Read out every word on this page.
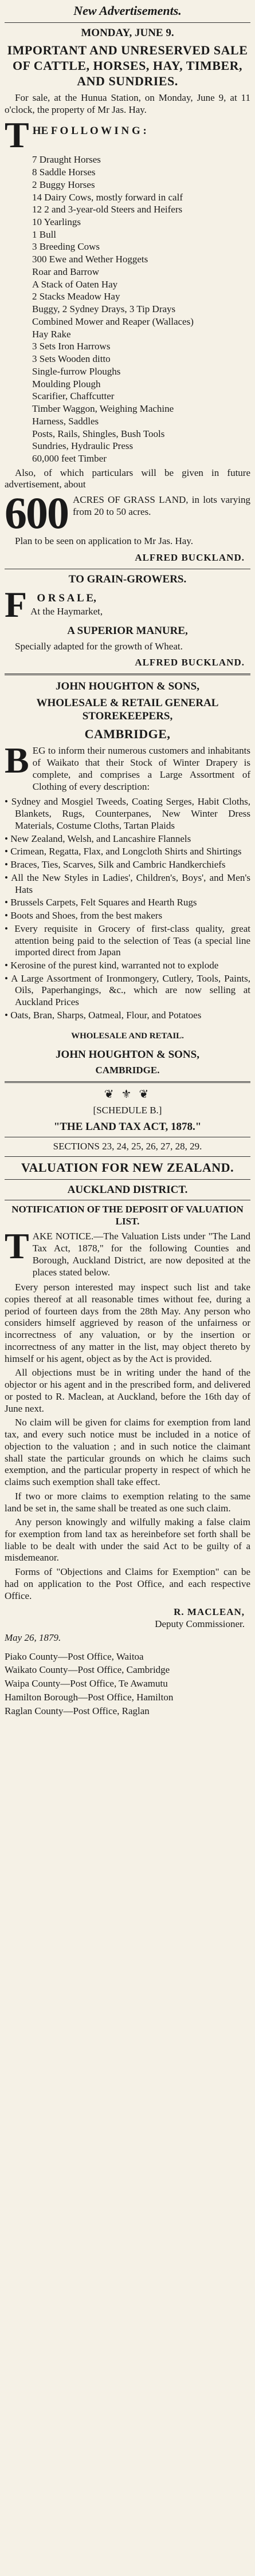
New Advertisements.
MONDAY, JUNE 9.
IMPORTANT AND UNRESERVED SALE OF CATTLE, HORSES, HAY, TIMBER, AND SUNDRIES.
For sale, at the Hunua Station, on Monday, June 9, at 11 o'clock, the property of Mr Jas. Hay.
T HE F O L L O W I N G :
7 Draught Horses
8 Saddle Horses
2 Buggy Horses
14 Dairy Cows, mostly forward in calf
12 2 and 3-year-old Steers and Heifers
10 Yearlings
1 Bull
3 Breeding Cows
300 Ewe and Wether Hoggets
Roar and Barrow
A Stack of Oaten Hay
2 Stacks Meadow Hay
Buggy, 2 Sydney Drays, 3 Tip Drays
Combined Mower and Reaper (Wallaces)
Hay Rake
3 Sets Iron Harrows
3 Sets Wooden ditto
Single-furrow Ploughs
Moulding Plough
Scarifier, Chaffcutter
Timber Waggon, Weighing Machine
Harness, Saddles
Posts, Rails, Shingles, Bush Tools
Sundries, Hydraulic Press
60,000 feet Timber
Also, of which particulars will be given in future advertisement, about
600 ACRES OF GRASS LAND, in lots varying from 20 to 50 acres.
Plan to be seen on application to Mr Jas. Hay.
ALFRED BUCKLAND.
TO GRAIN-GROWERS.
F O R S A L E,
At the Haymarket,
A SUPERIOR MANURE,
Specially adapted for the growth of Wheat.
ALFRED BUCKLAND.
JOHN HOUGHTON & SONS,
WHOLESALE & RETAIL GENERAL STOREKEEPERS,
CAMBRIDGE,
B EG to inform their numerous customers and inhabitants of Waikato that their Stock of Winter Drapery is complete, and comprises a Large Assortment of Clothing of every description:
• Sydney and Mosgiel Tweeds, Coating Serges, Habit Cloths, Blankets, Rugs, Counterpanes, New Winter Dress Materials, Costume Cloths, Tartan Plaids
• New Zealand, Welsh, and Lancashire Flannels
• Crimean, Regatta, Flax, and Longcloth Shirts and Shirtings
• Braces, Ties, Scarves, Silk and Cambric Handkerchiefs
• All the New Styles in Ladies', Children's, Boys', and Men's Hats
• Brussels Carpets, Felt Squares and Hearth Rugs
• Boots and Shoes, from the best makers
• Every requisite in Grocery of first-class quality, great attention being paid to the selection of Teas (a special line imported direct from Japan
• Kerosine of the purest kind, warranted not to explode
• A Large Assortment of Ironmongery, Cutlery, Tools, Paints, Oils, Paperhangings, &c., which are now selling at Auckland Prices
• Oats, Bran, Sharps, Oatmeal, Flour, and Potatoes
WHOLESALE AND RETAIL.
JOHN HOUGHTON & SONS,
CAMBRIDGE.
❦ ⚜ ❦
[SCHEDULE B.]
"THE LAND TAX ACT, 1878."
SECTIONS 23, 24, 25, 26, 27, 28, 29.
VALUATION FOR NEW ZEALAND.
AUCKLAND DISTRICT.
NOTIFICATION OF THE DEPOSIT OF VALUATION LIST.
T AKE NOTICE.—The Valuation Lists under "The Land Tax Act, 1878," for the following Counties and Borough, Auckland District, are now deposited at the places stated below.
Every person interested may inspect such list and take copies thereof at all reasonable times without fee, during a period of fourteen days from the 28th May. Any person who considers himself aggrieved by reason of the unfairness or incorrectness of any valuation, or by the insertion or incorrectness of any matter in the list, may object thereto by himself or his agent, object as by the Act is provided.
All objections must be in writing under the hand of the objector or his agent and in the prescribed form, and delivered or posted to R. Maclean, at Auckland, before the 16th day of June next.
No claim will be given for claims for exemption from land tax, and every such notice must be included in a notice of objection to the valuation ; and in such notice the claimant shall state the particular grounds on which he claims such exemption, and the particular property in respect of which he claims such exemption shall take effect.
If two or more claims to exemption relating to the same land be set in, the same shall be treated as one such claim.
Any person knowingly and wilfully making a false claim for exemption from land tax as hereinbefore set forth shall be liable to be dealt with under the said Act to be guilty of a misdemeanor.
Forms of "Objections and Claims for Exemption" can be had on application to the Post Office, and each respective Office.
R. MACLEAN,
Deputy Commissioner.
May 26, 1879.
Piako County—Post Office, Waitoa
Waikato County—Post Office, Cambridge
Waipa County—Post Office, Te Awamutu
Hamilton Borough—Post Office, Hamilton
Raglan County—Post Office, Raglan
